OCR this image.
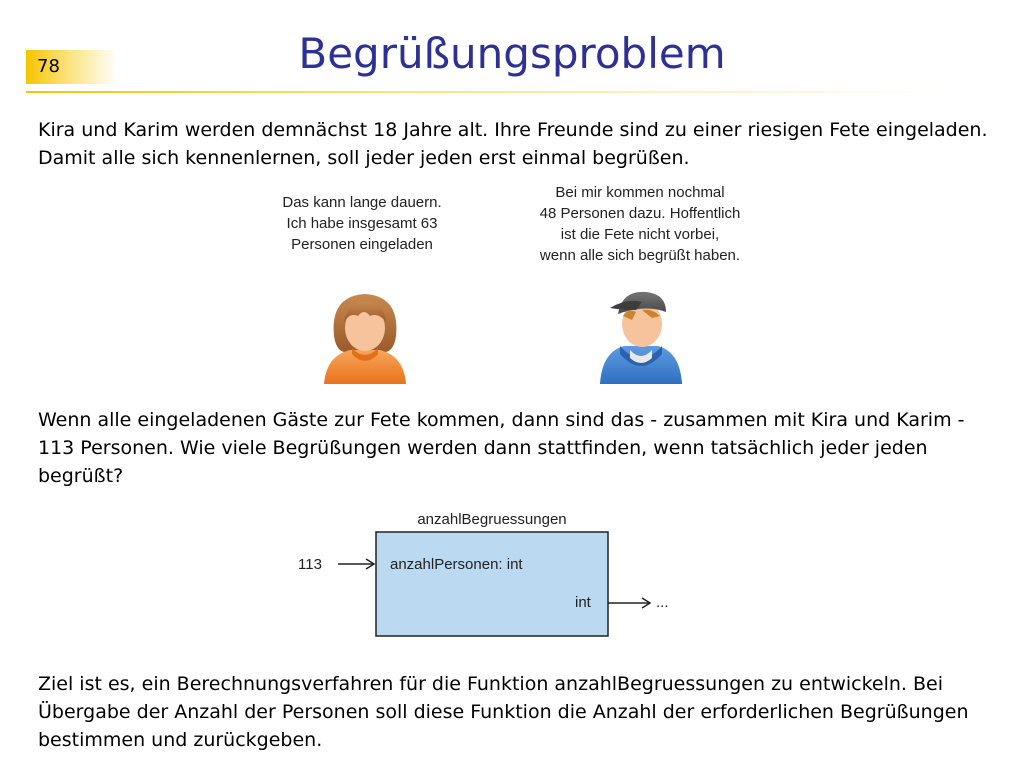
78	Begrüßungsproblem
Kira und Karim werden demnächst 18 Jahre alt. Ihre Freunde sind zu einer riesigen Fete eingeladen. Damit alle sich kennenlernen, soll jeder jeden erst einmal begrüßen.
Das kann lange dauern.
Ich habe insgesamt 63
Personen eingeladen
Bei mir kommen nochmal
48 Personen dazu. Hoffentlich
ist die Fete nicht vorbei,
wenn alle sich begrüßt haben.
Wenn alle eingeladenen Gäste zur Fete kommen, dann sind das - zusammen mit Kira und Karim - 113 Personen. Wie viele Begrüßungen werden dann stattfinden, wenn tatsächlich jeder jeden begrüßt?
anzahlBegruessungen
113	anzahlPersonen: int
int	...
Ziel ist es, ein Berechnungsverfahren für die Funktion anzahlBegruessungen zu entwickeln. Bei Übergabe der Anzahl der Personen soll diese Funktion die Anzahl der erforderlichen Begrüßungen bestimmen und zurückgeben.
